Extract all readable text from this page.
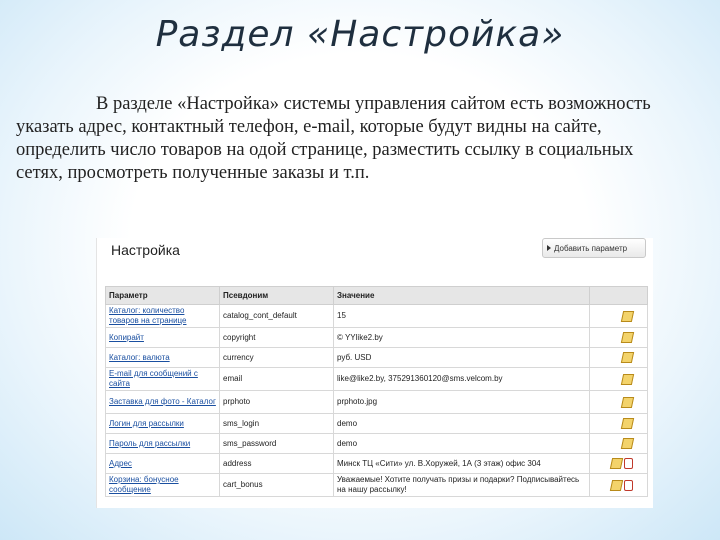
Раздел «Настройка»

В разделе «Настройка» системы управления сайтом есть возможность указать адрес, контактный телефон, e-mail, которые будут видны на сайте, определить число товаров на одой странице, разместить ссылку в социальных сетях, просмотреть полученные заказы и т.п.

Настройка	Добавить параметр
Параметр	Псевдоним	Значение	
Каталог: количество товаров на странице	catalog_cont_default	15	
Копирайт	copyright	© YYlike2.by	
Каталог: валюта	currency	руб. USD	
E-mail для сообщений с сайта	email	like@like2.by, 375291360120@sms.velcom.by	
Заставка для фото - Каталог	prphoto	prphoto.jpg	
Логин для рассылки	sms_login	demo	
Пароль для рассылки	sms_password	demo	
Адрес	address	Минск ТЦ «Сити» ул. В.Хоружей, 1А (3 этаж) офис 304	
Корзина: бонусное сообщение	cart_bonus	Уважаемые! Хотите получать призы и подарки? Подписывайтесь на нашу рассылку!	
